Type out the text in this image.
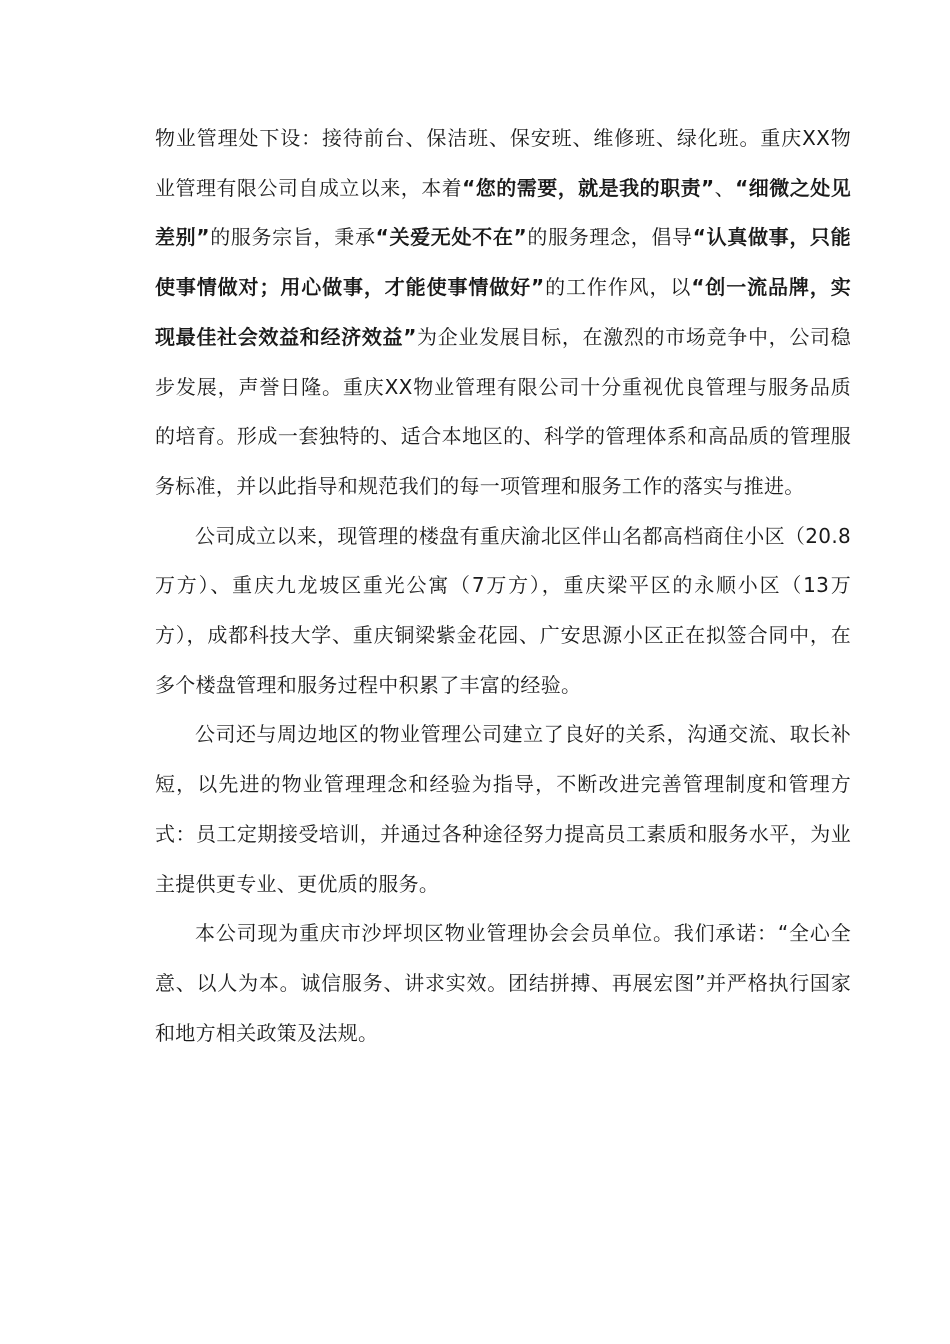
物业管理处下设：接待前台、保洁班、保安班、维修班、绿化班。重庆XX物业管理有限公司自成立以来，本着“您的需要，就是我的职责”、“细微之处见差别”的服务宗旨，秉承“关爱无处不在”的服务理念，倡导“认真做事，只能使事情做对；用心做事，才能使事情做好”的工作作风，以“创一流品牌，实现最佳社会效益和经济效益”为企业发展目标，在激烈的市场竞争中，公司稳步发展，声誉日隆。重庆XX物业管理有限公司十分重视优良管理与服务品质的培育。形成一套独特的、适合本地区的、科学的管理体系和高品质的管理服务标准，并以此指导和规范我们的每一项管理和服务工作的落实与推进。

公司成立以来，现管理的楼盘有重庆渝北区伴山名都高档商住小区（20.8万方）、重庆九龙坡区重光公寓（7万方），重庆梁平区的永顺小区（13万方），成都科技大学、重庆铜梁紫金花园、广安思源小区正在拟签合同中，在多个楼盘管理和服务过程中积累了丰富的经验。

公司还与周边地区的物业管理公司建立了良好的关系，沟通交流、取长补短，以先进的物业管理理念和经验为指导，不断改进完善管理制度和管理方式：员工定期接受培训，并通过各种途径努力提高员工素质和服务水平，为业主提供更专业、更优质的服务。

本公司现为重庆市沙坪坝区物业管理协会会员单位。我们承诺：“全心全意、以人为本。诚信服务、讲求实效。团结拼搏、再展宏图”并严格执行国家和地方相关政策及法规。
